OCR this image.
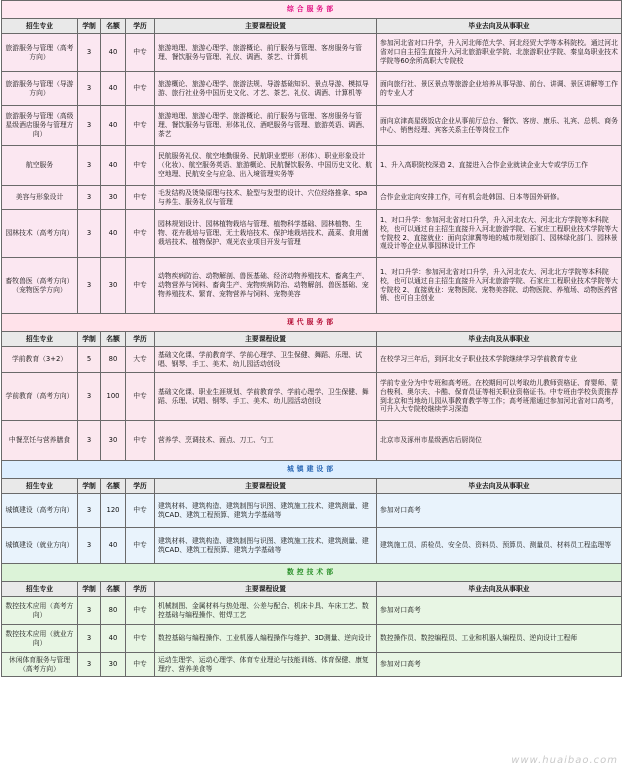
综合服务部					
招生专业	学制	名额	学历	主要课程设置	毕业去向及从事职业
旅游服务与管理（高考方向）	3	40	中专	旅游地理、旅游心理学、旅游概论、前厅服务与管理、客房服务与管理、餐饮服务与管理、礼仪、调酒、茶艺、计算机	参加河北省对口升学，升入河北师范大学、河北经贸大学等本科院校。通过河北省对口自主招生直接升入河北旅游职业学院、北旅游职业学院、秦皇岛职业技术学院等60余所高职大专院校
旅游服务与管理（导游方向）	3	40	中专	旅游概论、旅游心理学、旅游法规、导游基础知识、景点导游、模拟导游、旅行社业务中国历史文化、才艺、茶艺、礼仪、调酒、计算机等	面向旅行社、景区景点等旅游企业培养从事导游、前台、讲调、景区讲解等工作的专业人才
旅游服务与管理（高级星级酒店服务与管理方向）	3	40	中专	旅游地理、旅游心理学、旅游概论、前厅服务与管理、客房服务与管理、餐饮服务与管理、形体礼仪、酒吧服务与管理、旅游英语、调酒、茶艺	面向京津高星级饭店企业从事前厅总台、餐饮、客房、康乐、礼宾、总机、商务中心、销售经理、宾客关系主任等岗位工作
航空服务	3	40	中专	民航服务礼仪、航空地勤服务、民航职业塑形（形体）、职业形象设计（化妆）、航空服务英语、旅游概论、民航餐饮服务、中国历史文化、航空地理、民航安全与应急、出入境管理实务等	1、升入高职院校深造 2、直接进入合作企业就读企业大专或学历工作
美容与形象设计	3	30	中专	毛发结构及烫染原理与技术、脸型与发型的设计、穴位经络推拿、spa与养生、服务礼仪与管理	合作企业定向安排工作，可有机会赴韩国、日本等国外研修。
园林技术（高考方向）	3	40	中专	园林规划设计、园林植物栽培与管理、植物科学基础、园林植物、生物、花卉栽培与管理、无土栽培技术、保护地栽培技术、蔬菜、食用菌栽培技术、植物保护、观光农业项目开发与管理	1、对口升学：参加河北省对口升学，升入河北农大、河北北方学院等本科院校，也可以通过自主招生直接升入河北旅游学院、石家庄工程职业技术学院等大专院校 2、直接就业：面向京津冀等地的城市规划部门、园林绿化部门、园林景观设计等企业从事园林设计工作
畜牧兽医（高考方向）（宠物医学方向）	3	30	中专	动物疾病防治、动物解剖、兽医基础、经济动物养殖技术、畜禽生产、动物营养与饲料、畜禽生产、宠物疾病防治、动物解剖、兽医基础、宠物养殖技术、繁育、宠物营养与饲料、宠物美容	1、对口升学：参加河北省对口升学，升入河北农大、河北北方学院等本科院校，也可以通过自主招生直接升入河北旅游学院、石家庄工程职业技术学院等大专院校 2、直接就业：宠物医院、宠物美容院、动物医院、养殖场、动物医药营销、也可自主创业
现代服务部					
招生专业	学制	名额	学历	主要课程设置	毕业去向及从事职业
学前教育（3+2）	5	80	大专	基础文化课、学前教育学、学前心理学、卫生保健、舞蹈、乐理、试唱、钢琴、手工、美术、幼儿园活动创设	在校学习三年后，到河北女子职业技术学院继续学习学前教育专业
学前教育（高考方向）	3	100	中专	基础文化课、职业生涯规划、学前教育学、学前心理学、卫生保健、舞蹈、乐理、试唱、钢琴、手工、美术、幼儿园活动创设	学前专业分为中专班和高考班。在校期间可以考取幼儿教师资格证、育婴师、蒙台梭利、奥尔夫、卡酷、保育员证等相关职业资格证书。中专班由学校负责推荐到北京和当地幼儿园从事教育教学等工作；高考班需通过参加河北省对口高考，可升入大专院校继续学习深造
中餐烹饪与营养膳食	3	30	中专	营养学、烹调技术、面点、刀工、勺工	北京市及涿州市星级酒店后厨岗位
城镇建设部					
招生专业	学制	名额	学历	主要课程设置	毕业去向及从事职业
城镇建设（高考方向）	3	120	中专	建筑材料、建筑构造、建筑制图与识图、建筑施工技术、建筑测量、建筑CAD、建筑工程预算、建筑力学基础等	参加对口高考
城镇建设（就业方向）	3	40	中专	建筑材料、建筑构造、建筑制图与识图、建筑施工技术、建筑测量、建筑CAD、建筑工程预算、建筑力学基础等	建筑施工员、质检员、安全员、资料员、预算员、测量员、材料员工程监理等
数控技术部					
招生专业	学制	名额	学历	主要课程设置	毕业去向及从事职业
数控技术应用（高考方向）	3	80	中专	机械制图、金属材料与热处理、公差与配合、机床卡具、车床工艺、数控基础与编程操作、钳焊工艺	参加对口高考
数控技术应用（就业方向）	3	40	中专	数控基础与编程操作、工业机器人编程操作与维护、3D测量、逆向设计	数控操作员、数控编程员、工业和机器人编程员、逆向设计工程师
休闲体育服务与管理（高考方向）	3	30	中专	运动生理学、运动心理学、体育专业理论与技能训练、体育保健、康复理疗、营养美食等	参加对口高考
www.huaibao.com
